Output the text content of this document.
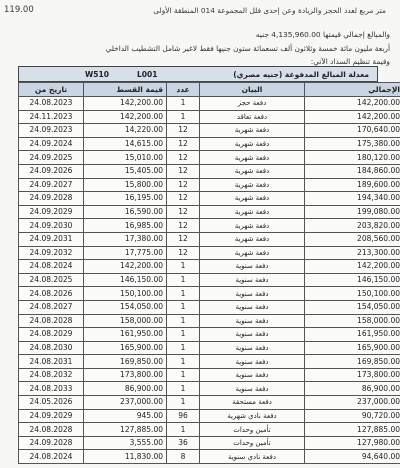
119.00	متر مربع لعدد الحجز والزيادة وعن إحدى فلل المجموعة 014 المنطقة الأولى
والمبالغ إجمالي قيمتها 4,135,960.00 جنيه
أربعة مليون مائة خمسة وثلاثون ألف تسعمائة ستون جنيها فقط لاغير شامل التشطيب الداخلي
وقيمة تنظيم السداد الآتي:
W510	L001	معدلة المبالغ المدفوعة (جنيه مصري)
تاريخ من	قيمة القسط	عدد	البيان	الإجمالي
24.08.2023	142,200.00	1	دفعة حجز	142,200.00
24.11.2023	142,200.00	1	دفعة تعاقد	142,200.00
24.09.2023	14,220.00	12	دفعة شهرية	170,640.00
24.09.2024	14,615.00	12	دفعة شهرية	175,380.00
24.09.2025	15,010.00	12	دفعة شهرية	180,120.00
24.09.2026	15,405.00	12	دفعة شهرية	184,860.00
24.09.2027	15,800.00	12	دفعة شهرية	189,600.00
24.09.2028	16,195.00	12	دفعة شهرية	194,340.00
24.09.2029	16,590.00	12	دفعة شهرية	199,080.00
24.09.2030	16,985.00	12	دفعة شهرية	203,820.00
24.09.2031	17,380.00	12	دفعة شهرية	208,560.00
24.09.2032	17,775.00	12	دفعة شهرية	213,300.00
24.08.2024	142,200.00	1	دفعة سنوية	142,200.00
24.08.2025	146,150.00	1	دفعة سنوية	146,150.00
24.08.2026	150,100.00	1	دفعة سنوية	150,100.00
24.08.2027	154,050.00	1	دفعة سنوية	154,050.00
24.08.2028	158,000.00	1	دفعة سنوية	158,000.00
24.08.2029	161,950.00	1	دفعة سنوية	161,950.00
24.08.2030	165,900.00	1	دفعة سنوية	165,900.00
24.08.2031	169,850.00	1	دفعة سنوية	169,850.00
24.08.2032	173,800.00	1	دفعة سنوية	173,800.00
24.08.2033	86,900.00	1	دفعة سنوية	86,900.00
24.05.2026	237,000.00	1	دفعة مستحقة	237,000.00
24.09.2029	945.00	96	دفعة نادي شهرية	90,720.00
24.08.2028	127,885.00	1	تأمين وحدات	127,885.00
24.09.2028	3,555.00	36	تأمين وحدات	127,980.00
24.08.2024	11,830.00	8	دفعة نادي سنوية	94,640.00
